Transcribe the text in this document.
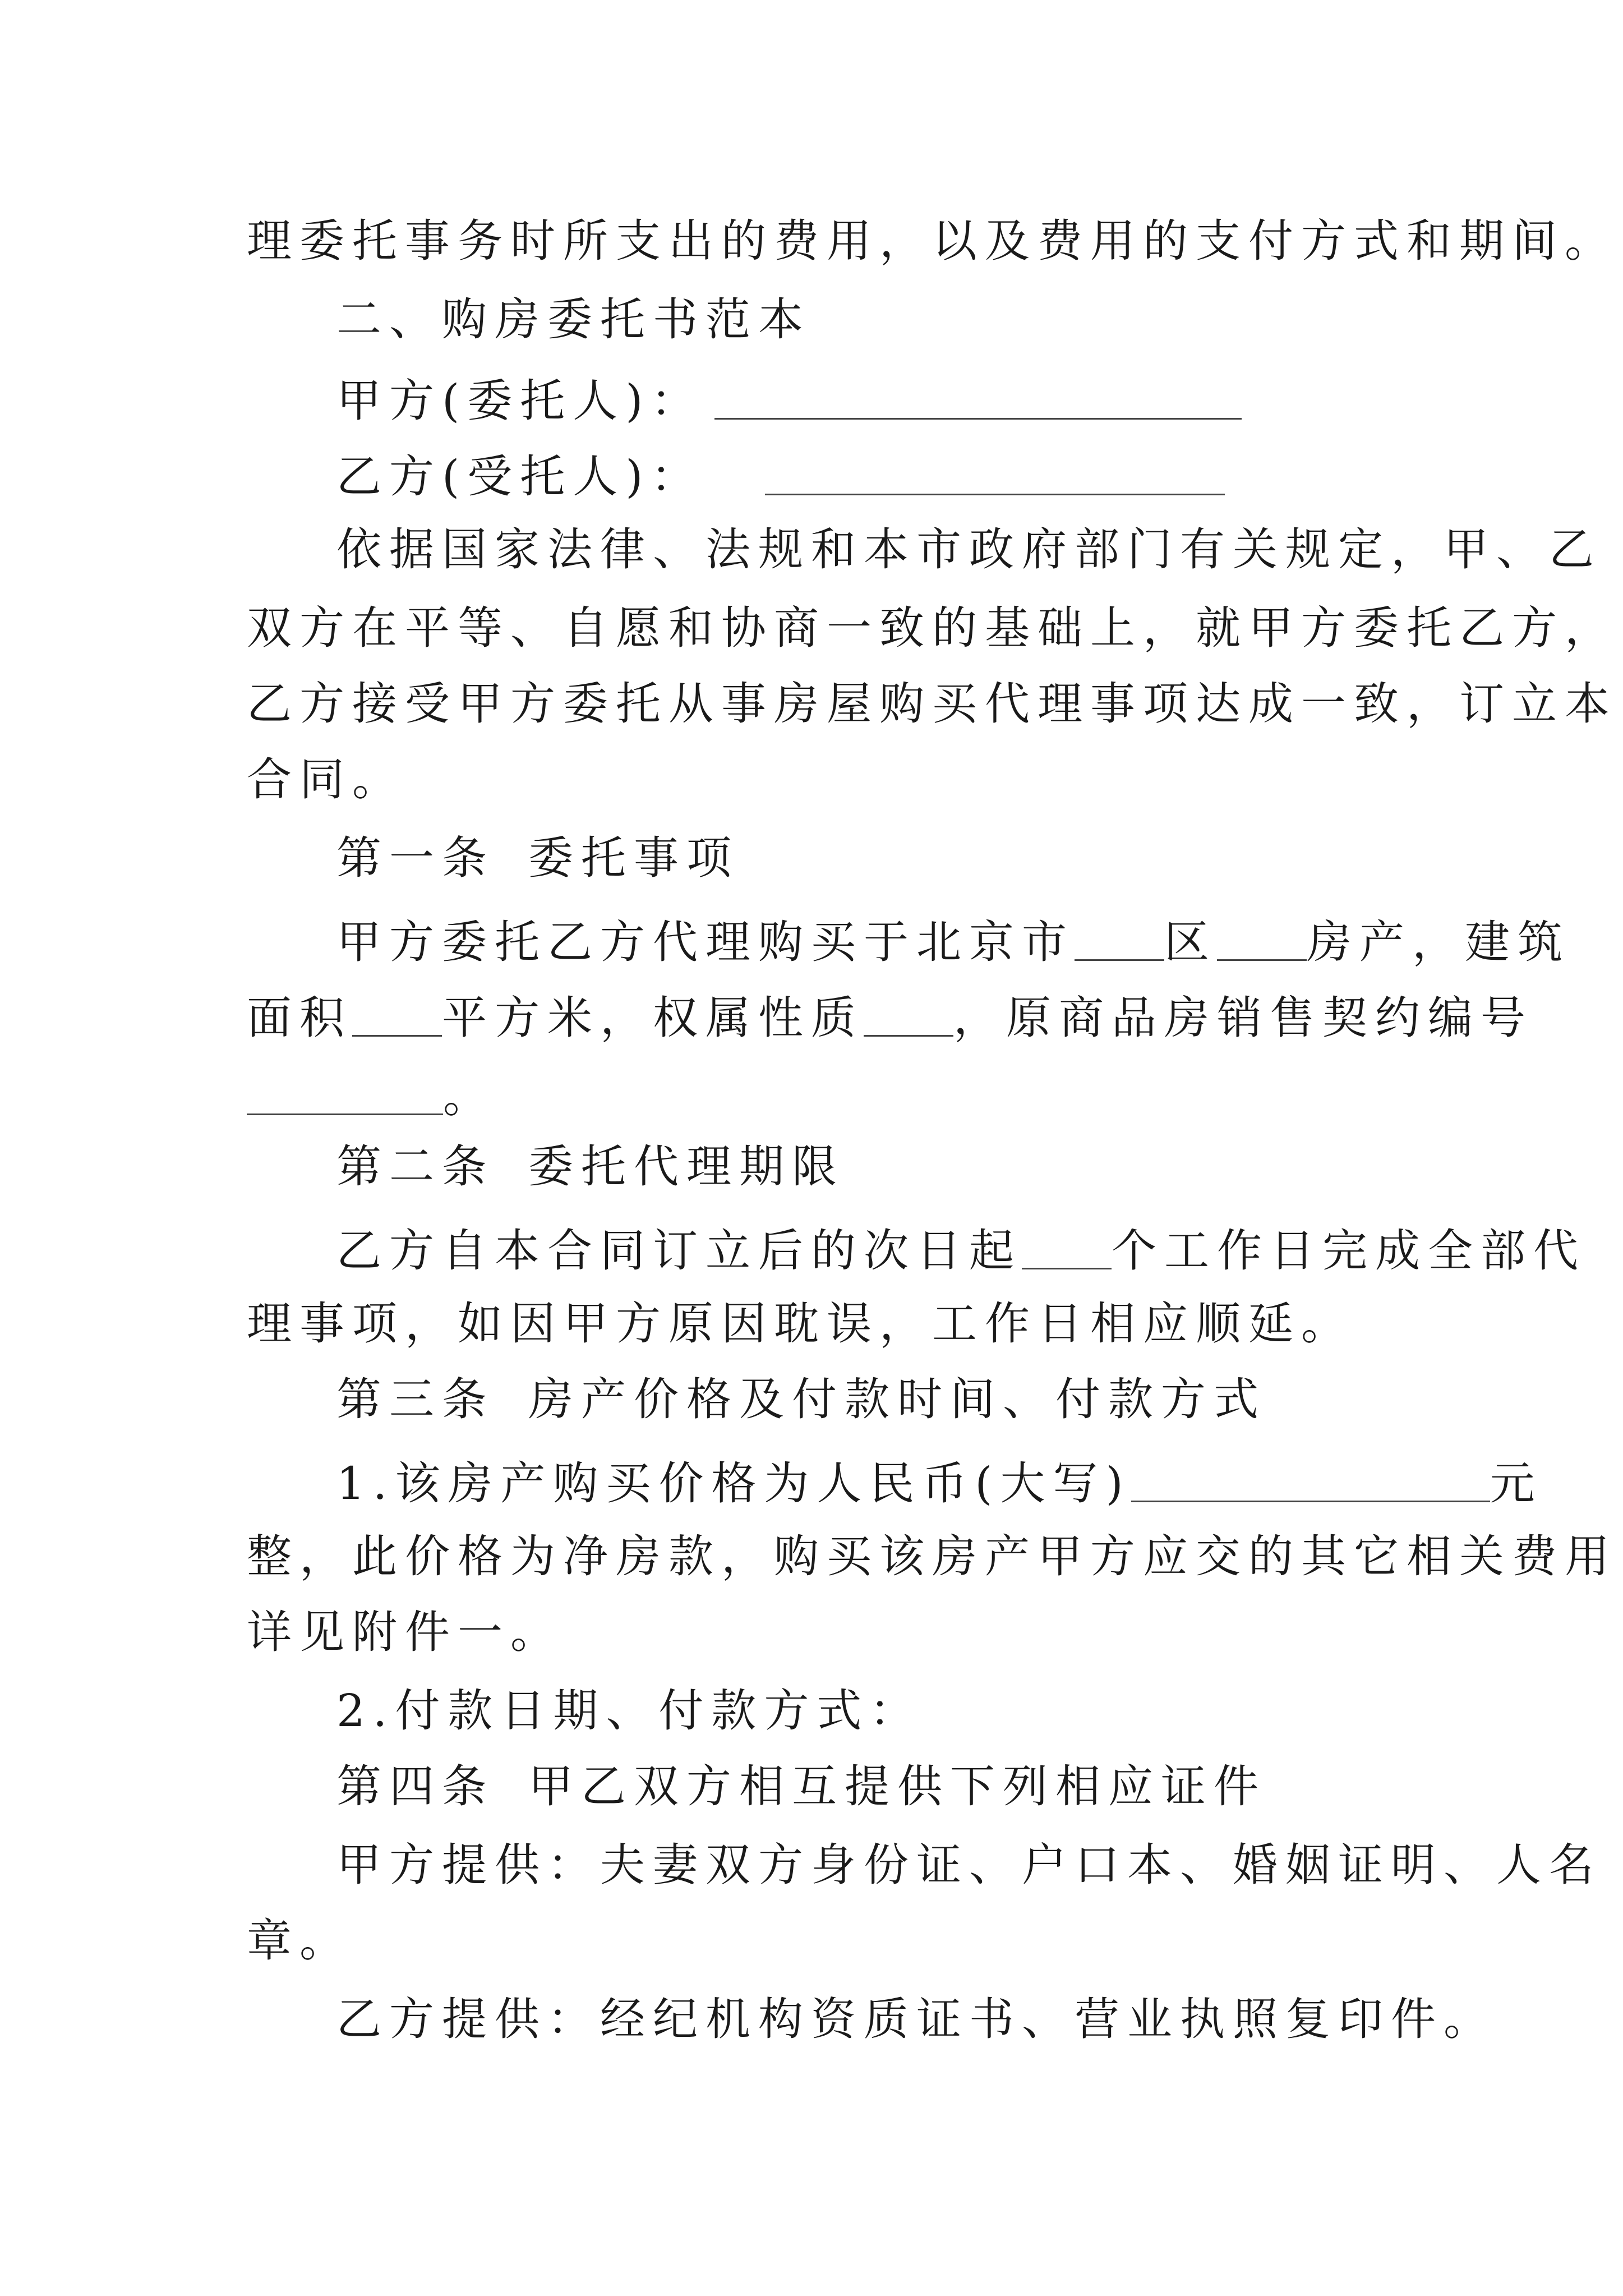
理委托事务时所支出的费用，以及费用的支付方式和期间。
二、购房委托书范本
甲方(委托人)：
乙方(受托人)：
依据国家法律、法规和本市政府部门有关规定，甲、乙
双方在平等、自愿和协商一致的基础上，就甲方委托乙方，
乙方接受甲方委托从事房屋购买代理事项达成一致，订立本
合同。
第一条 委托事项
甲方委托乙方代理购买于北京市 区 房产，建筑
面积 平方米，权属性质 ，原商品房销售契约编号
。
第二条 委托代理期限
乙方自本合同订立后的次日起 个工作日完成全部代
理事项，如因甲方原因耽误，工作日相应顺延。
第三条 房产价格及付款时间、付款方式
1.该房产购买价格为人民币(大写)	元
整，此价格为净房款，购买该房产甲方应交的其它相关费用
详见附件一。
2.付款日期、付款方式：
第四条 甲乙双方相互提供下列相应证件
甲方提供：夫妻双方身份证、户口本、婚姻证明、人名
章。
乙方提供：经纪机构资质证书、营业执照复印件。
